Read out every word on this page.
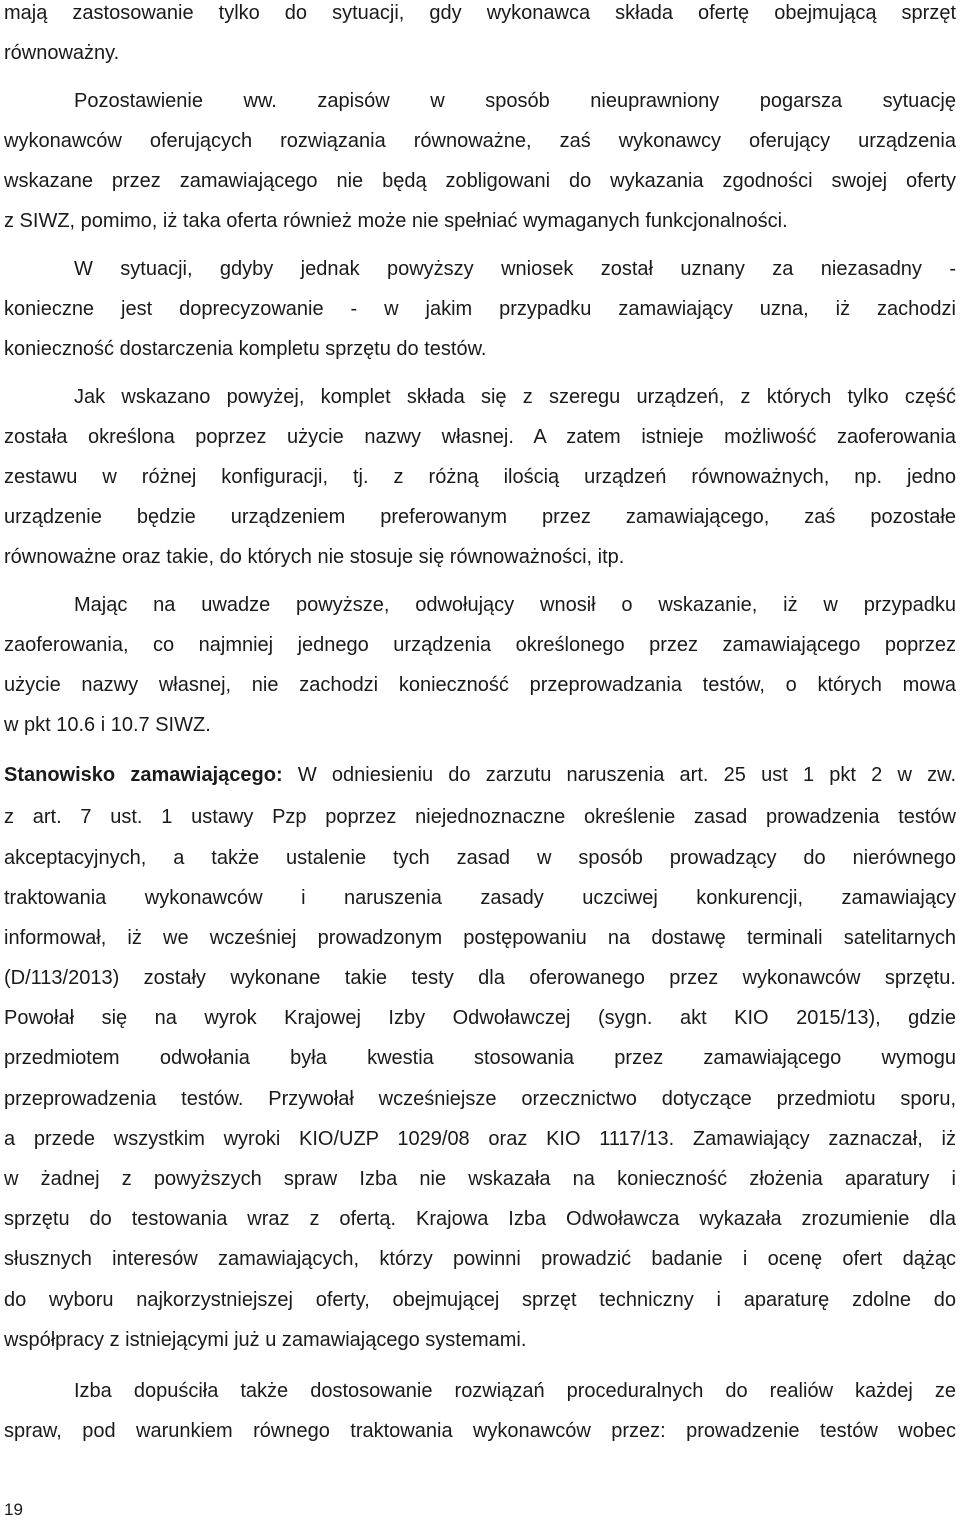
mają zastosowanie tylko do sytuacji, gdy wykonawca składa ofertę obejmującą sprzęt
równoważny.
Pozostawienie ww. zapisów w sposób nieuprawniony pogarsza sytuację
wykonawców oferujących rozwiązania równoważne, zaś wykonawcy oferujący urządzenia
wskazane przez zamawiającego nie będą zobligowani do wykazania zgodności swojej oferty
z SIWZ, pomimo, iż taka oferta również może nie spełniać wymaganych funkcjonalności.
W sytuacji, gdyby jednak powyższy wniosek został uznany za niezasadny -
konieczne jest doprecyzowanie - w jakim przypadku zamawiający uzna, iż zachodzi
konieczność dostarczenia kompletu sprzętu do testów.
Jak wskazano powyżej, komplet składa się z szeregu urządzeń, z których tylko część
została określona poprzez użycie nazwy własnej. A zatem istnieje możliwość zaoferowania
zestawu w różnej konfiguracji, tj. z różną ilością urządzeń równoważnych, np. jedno
urządzenie będzie urządzeniem preferowanym przez zamawiającego, zaś pozostałe
równoważne oraz takie, do których nie stosuje się równoważności, itp.
Mając na uwadze powyższe, odwołujący wnosił o wskazanie, iż w przypadku
zaoferowania, co najmniej jednego urządzenia określonego przez zamawiającego poprzez
użycie nazwy własnej, nie zachodzi konieczność przeprowadzania testów, o których mowa
w pkt 10.6 i 10.7 SIWZ.
Stanowisko zamawiającego: W odniesieniu do zarzutu naruszenia art. 25 ust 1 pkt 2 w zw.
z art. 7 ust. 1 ustawy Pzp poprzez niejednoznaczne określenie zasad prowadzenia testów
akceptacyjnych, a także ustalenie tych zasad w sposób prowadzący do nierównego
traktowania wykonawców i naruszenia zasady uczciwej konkurencji, zamawiający
informował, iż we wcześniej prowadzonym postępowaniu na dostawę terminali satelitarnych
(D/113/2013) zostały wykonane takie testy dla oferowanego przez wykonawców sprzętu.
Powołał się na wyrok Krajowej Izby Odwoławczej (sygn. akt KIO 2015/13), gdzie
przedmiotem odwołania była kwestia stosowania przez zamawiającego wymogu
przeprowadzenia testów. Przywołał wcześniejsze orzecznictwo dotyczące przedmiotu sporu,
a przede wszystkim wyroki KIO/UZP 1029/08 oraz KIO 1117/13. Zamawiający zaznaczał, iż
w żadnej z powyższych spraw Izba nie wskazała na konieczność złożenia aparatury i
sprzętu do testowania wraz z ofertą. Krajowa Izba Odwoławcza wykazała zrozumienie dla
słusznych interesów zamawiających, którzy powinni prowadzić badanie i ocenę ofert dążąc
do wyboru najkorzystniejszej oferty, obejmującej sprzęt techniczny i aparaturę zdolne do
współpracy z istniejącymi już u zamawiającego systemami.
Izba dopuściła także dostosowanie rozwiązań proceduralnych do realiów każdej ze
spraw, pod warunkiem równego traktowania wykonawców przez: prowadzenie testów wobec
19
